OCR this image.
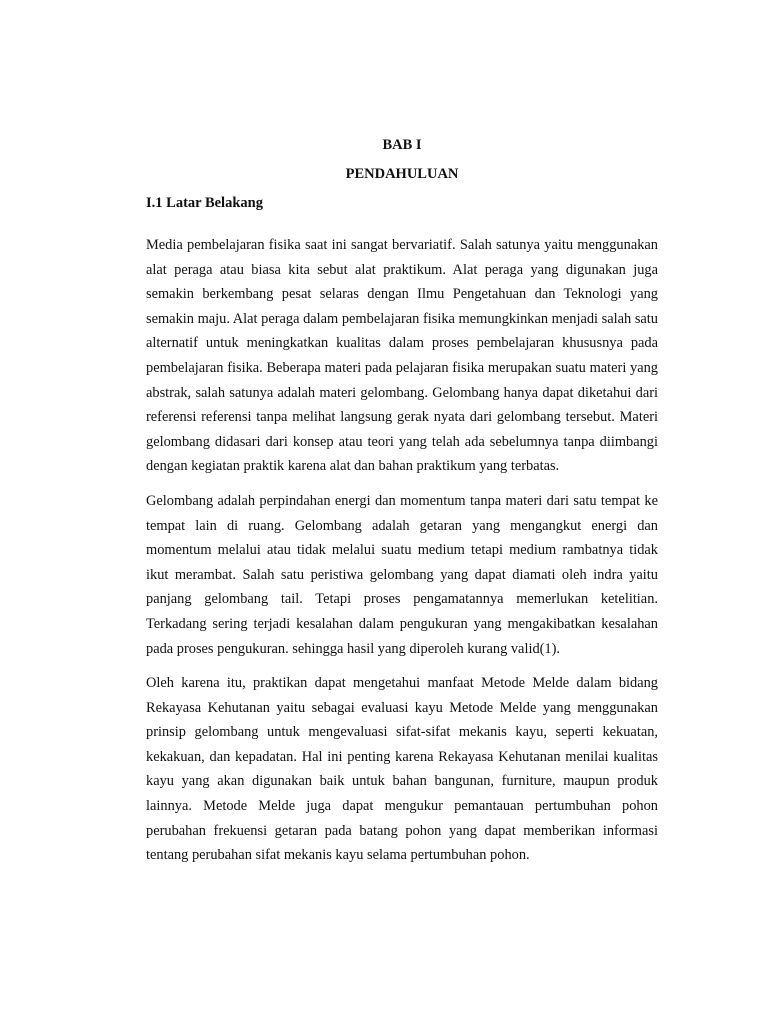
BAB I
PENDAHULUAN
I.1 Latar Belakang

Media pembelajaran fisika saat ini sangat bervariatif. Salah satunya yaitu menggunakan alat peraga atau biasa kita sebut alat praktikum. Alat peraga yang digunakan juga semakin berkembang pesat selaras dengan Ilmu Pengetahuan dan Teknologi yang semakin maju. Alat peraga dalam pembelajaran fisika memungkinkan menjadi salah satu alternatif untuk meningkatkan kualitas dalam proses pembelajaran khususnya pada pembelajaran fisika. Beberapa materi pada pelajaran fisika merupakan suatu materi yang abstrak, salah satunya adalah materi gelombang. Gelombang hanya dapat diketahui dari referensi referensi tanpa melihat langsung gerak nyata dari gelombang tersebut. Materi gelombang didasari dari konsep atau teori yang telah ada sebelumnya tanpa diimbangi dengan kegiatan praktik karena alat dan bahan praktikum yang terbatas.

Gelombang adalah perpindahan energi dan momentum tanpa materi dari satu tempat ke tempat lain di ruang. Gelombang adalah getaran yang mengangkut energi dan momentum melalui atau tidak melalui suatu medium tetapi medium rambatnya tidak ikut merambat. Salah satu peristiwa gelombang yang dapat diamati oleh indra yaitu panjang gelombang tail. Tetapi proses pengamatannya memerlukan ketelitian. Terkadang sering terjadi kesalahan dalam pengukuran yang mengakibatkan kesalahan pada proses pengukuran. sehingga hasil yang diperoleh kurang valid(1).

Oleh karena itu, praktikan dapat mengetahui manfaat Metode Melde dalam bidang Rekayasa Kehutanan yaitu sebagai evaluasi kayu Metode Melde yang menggunakan prinsip gelombang untuk mengevaluasi sifat-sifat mekanis kayu, seperti kekuatan, kekakuan, dan kepadatan. Hal ini penting karena Rekayasa Kehutanan menilai kualitas kayu yang akan digunakan baik untuk bahan bangunan, furniture, maupun produk lainnya. Metode Melde juga dapat mengukur pemantauan pertumbuhan pohon perubahan frekuensi getaran pada batang pohon yang dapat memberikan informasi tentang perubahan sifat mekanis kayu selama pertumbuhan pohon.
